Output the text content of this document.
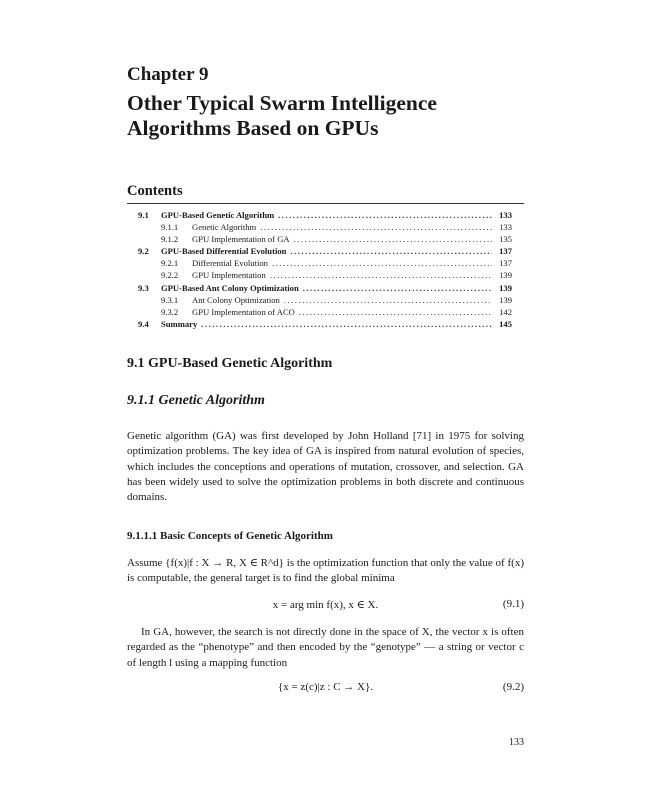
Chapter 9
Other Typical Swarm Intelligence
Algorithms Based on GPUs
Contents
9.1	GPU-Based Genetic Algorithm .....	133
9.1.1	Genetic Algorithm .....	133
9.1.2	GPU Implementation of GA .....	135
9.2	GPU-Based Differential Evolution .....	137
9.2.1	Differential Evolution .....	137
9.2.2	GPU Implementation .....	139
9.3	GPU-Based Ant Colony Optimization .....	139
9.3.1	Ant Colony Optimization .....	139
9.3.2	GPU Implementation of ACO .....	142
9.4	Summary .....	145
9.1 GPU-Based Genetic Algorithm
9.1.1 Genetic Algorithm
Genetic algorithm (GA) was first developed by John Holland [71] in 1975 for solving optimization problems. The key idea of GA is inspired from natural evolution of species, which includes the conceptions and operations of mutation, crossover, and selection. GA has been widely used to solve the optimization problems in both discrete and continuous domains.
9.1.1.1 Basic Concepts of Genetic Algorithm
Assume {f(x)|f : X → R, X ∈ R^d} is the optimization function that only the value of f(x) is computable, the general target is to find the global minima
x = arg min f(x), x ∈ X.	(9.1)
In GA, however, the search is not directly done in the space of X, the vector x is often regarded as the “phenotype” and then encoded by the “genotype” — a string or vector c of length l using a mapping function
{x = z(c)|z : C → X}.	(9.2)
133
